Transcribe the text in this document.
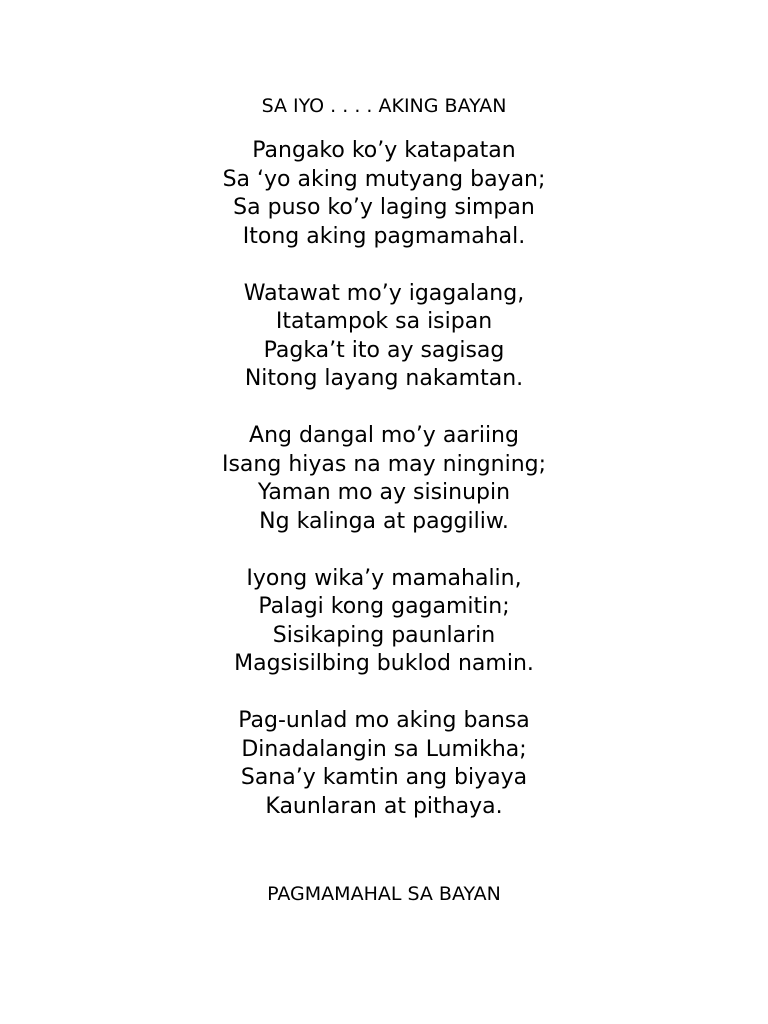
SA IYO . . . . AKING BAYAN
Pangako ko’y katapatan
Sa ‘yo aking mutyang bayan;
Sa puso ko’y laging simpan
Itong aking pagmamahal.
Watawat mo’y igagalang,
Itatampok sa isipan
Pagka’t ito ay sagisag
Nitong layang nakamtan.
Ang dangal mo’y aariing
Isang hiyas na may ningning;
Yaman mo ay sisinupin
Ng kalinga at paggiliw.
Iyong wika’y mamahalin,
Palagi kong gagamitin;
Sisikaping paunlarin
Magsisilbing buklod namin.
Pag-unlad mo aking bansa
Dinadalangin sa Lumikha;
Sana’y kamtin ang biyaya
Kaunlaran at pithaya.
PAGMAMAHAL SA BAYAN
